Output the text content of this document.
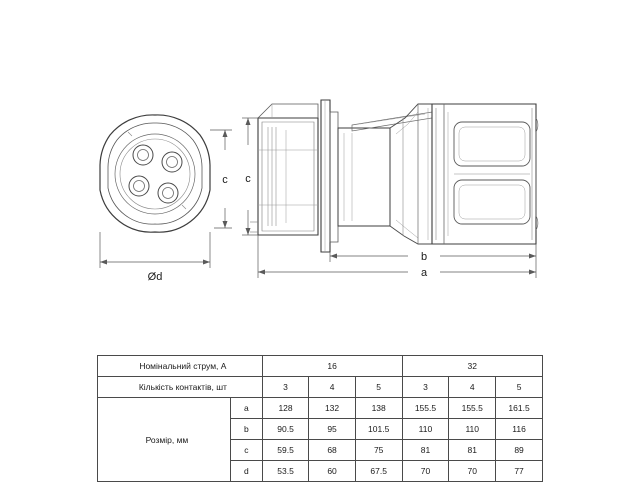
Ød
c c
b
a
Номінальний струм, А		16			32		
Кількість контактів, шт		3	4	5	3	4	5
Розмір, мм	a	128	132	138	155.5	155.5	161.5
	b	90.5	95	101.5	110	110	116
	c	59.5	68	75	81	81	89
	d	53.5	60	67.5	70	70	77
